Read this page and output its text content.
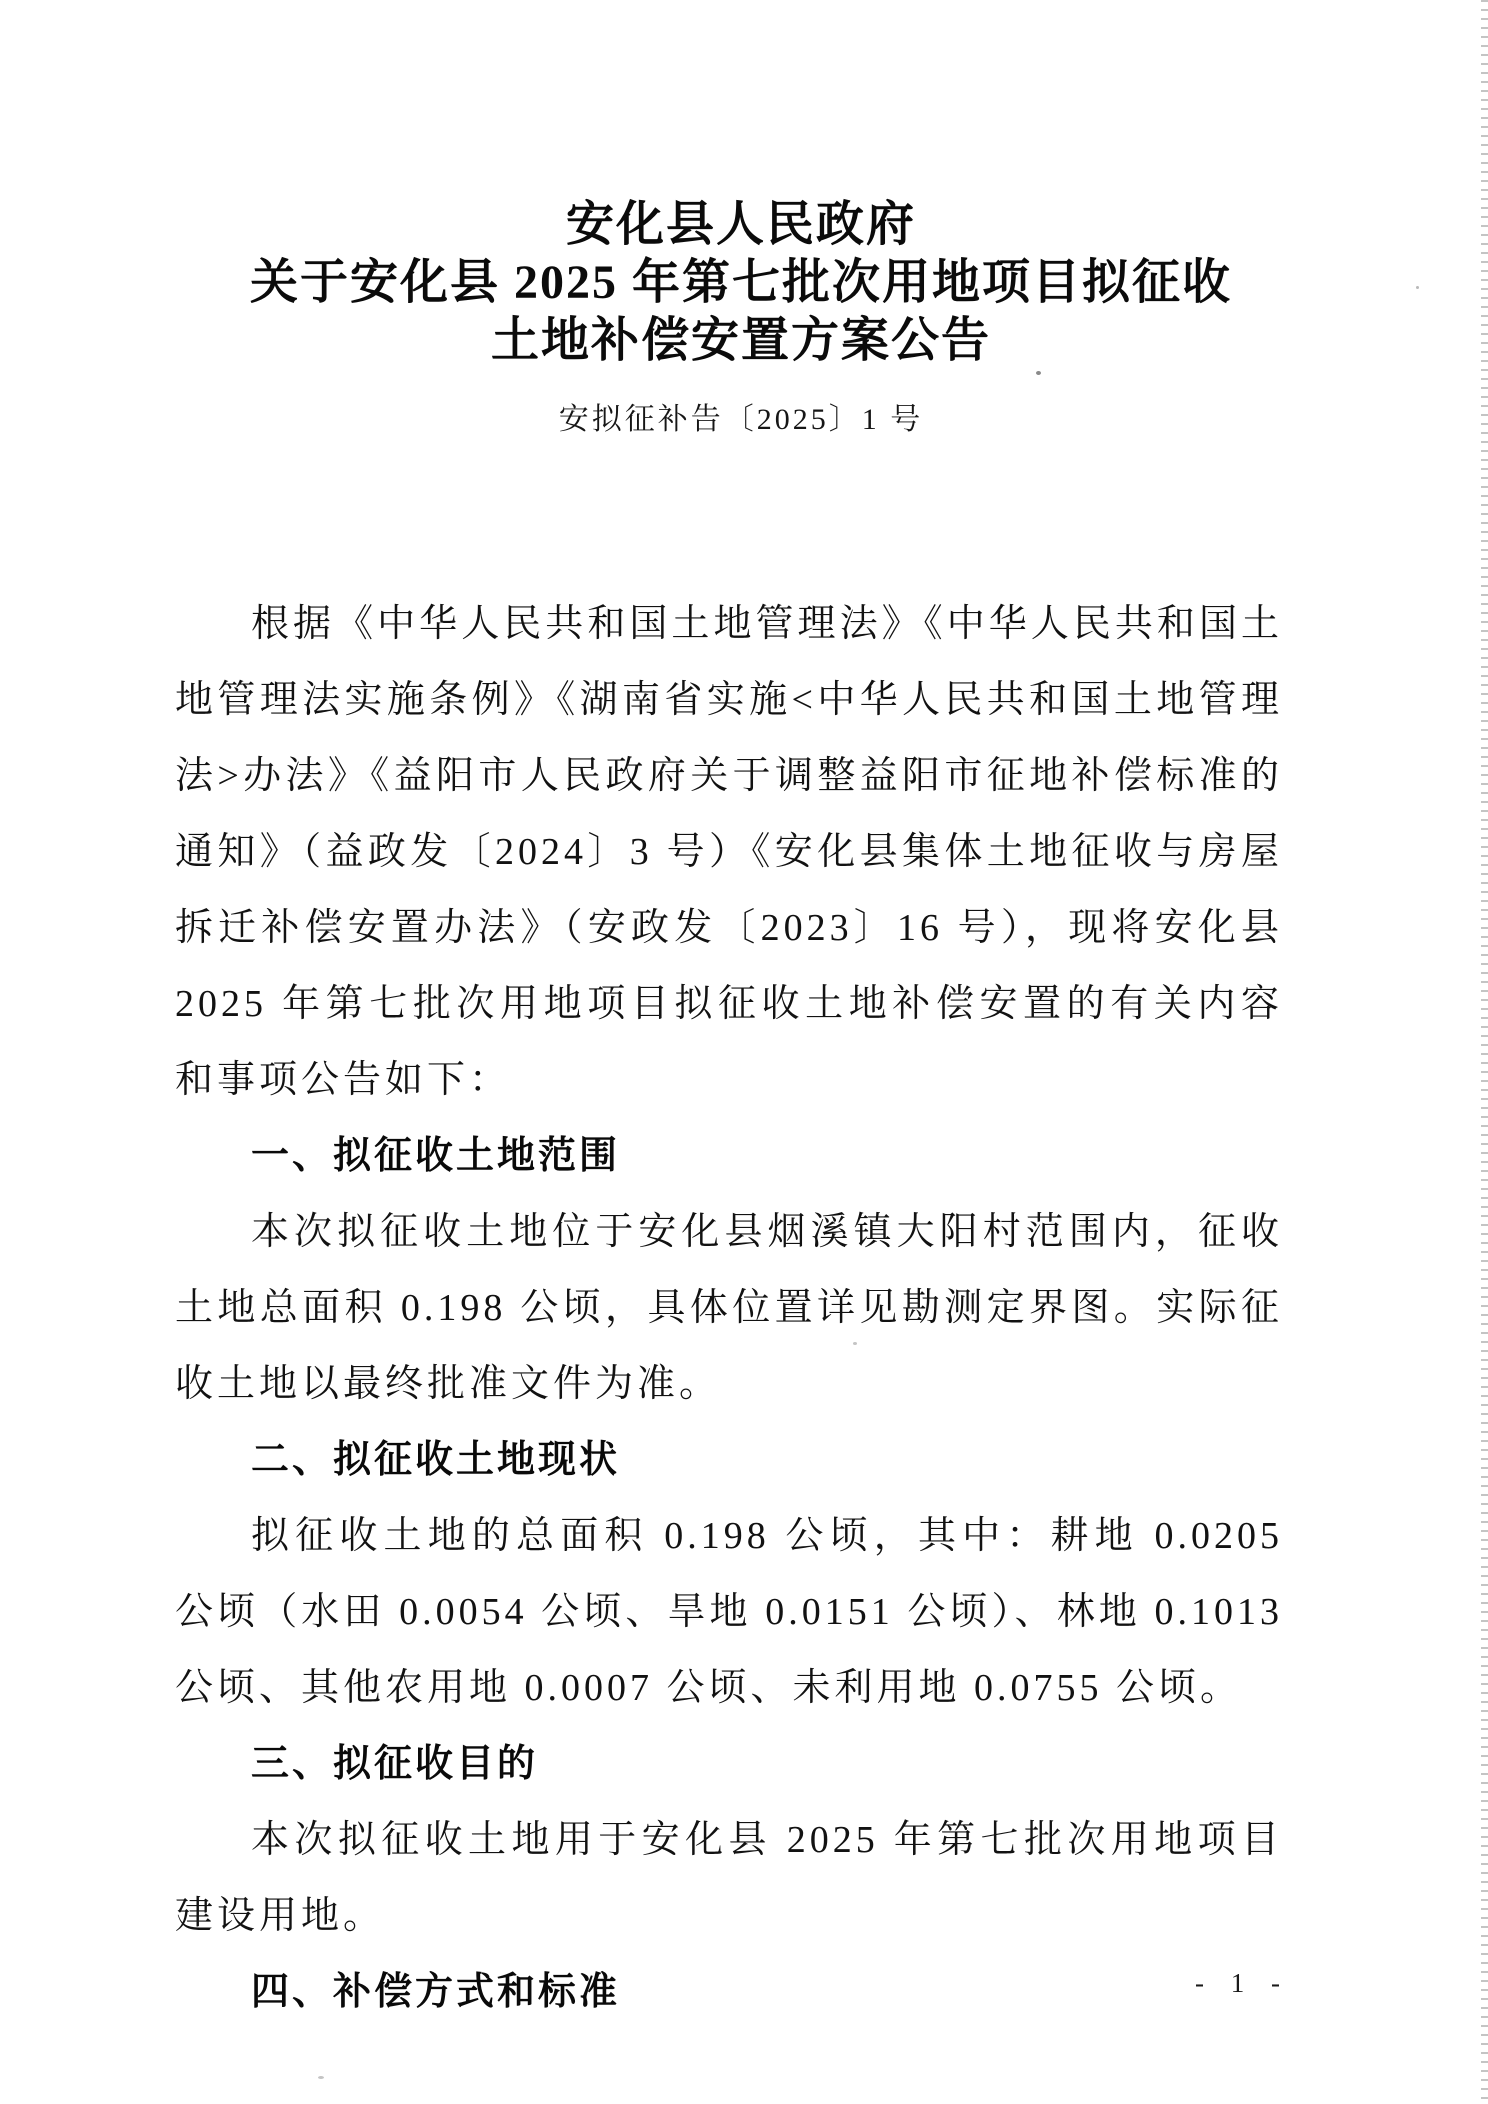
安化县人民政府
关于安化县 2025 年第七批次用地项目拟征收
土地补偿安置方案公告
安拟征补告〔2025〕1 号
根据《中华人民共和国土地管理法》《中华人民共和国土地管理法实施条例》《湖南省实施<中华人民共和国土地管理法>办法》《益阳市人民政府关于调整益阳市征地补偿标准的通知》（益政发〔2024〕3 号）《安化县集体土地征收与房屋拆迁补偿安置办法》（安政发〔2023〕16 号），现将安化县 2025 年第七批次用地项目拟征收土地补偿安置的有关内容和事项公告如下：
一、拟征收土地范围
本次拟征收土地位于安化县烟溪镇大阳村范围内，征收土地总面积 0.198 公顷，具体位置详见勘测定界图。实际征收土地以最终批准文件为准。
二、拟征收土地现状
拟征收土地的总面积 0.198 公顷，其中：耕地 0.0205 公顷（水田 0.0054 公顷、旱地 0.0151 公顷）、林地 0.1013 公顷、其他农用地 0.0007 公顷、未利用地 0.0755 公顷。
三、拟征收目的
本次拟征收土地用于安化县 2025 年第七批次用地项目建设用地。
四、补偿方式和标准	- 1 -
